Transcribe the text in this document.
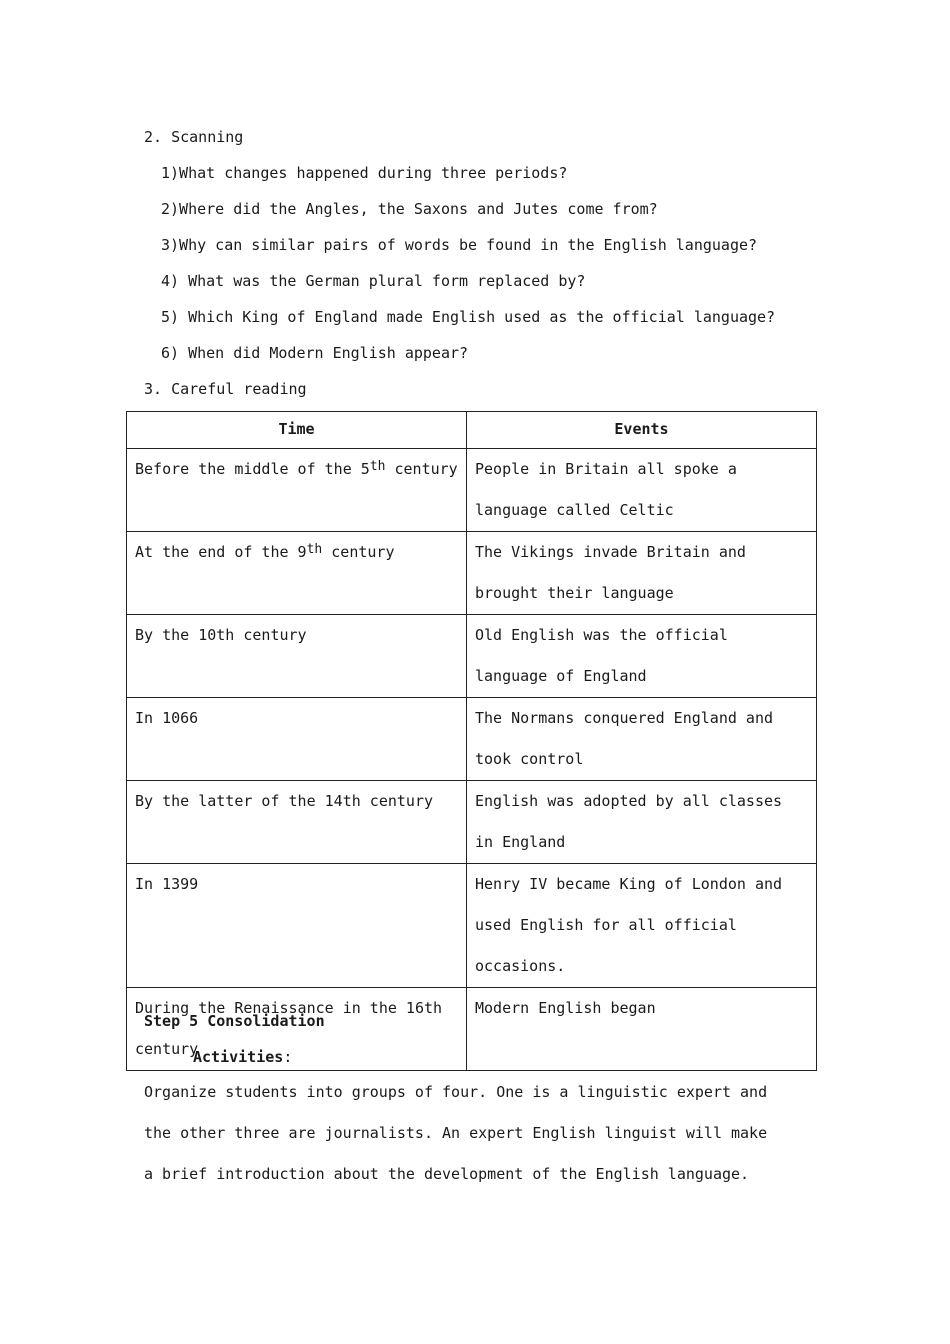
2. Scanning
1)What changes happened during three periods?
2)Where did the Angles, the Saxons and Jutes come from?
3)Why can similar pairs of words be found in the English language?
4) What was the German plural form replaced by?
5) Which King of England made English used as the official language?
6) When did Modern English appear?
3. Careful reading
Time	Events
Before the middle of the 5th century	People in Britain all spoke a language called Celtic
At the end of the 9th century	The Vikings invade Britain and brought their language
By the 10th century	Old English was the official language of England
In 1066	The Normans conquered England and took control
By the latter of the 14th century	English was adopted by all classes in England
In 1399	Henry IV became King of London and used English for all official occasions.
During the Renaissance in the 16th century	Modern English began
Step 5 Consolidation
Activities:
Organize students into groups of four. One is a linguistic expert and the other three are journalists. An expert English linguist will make a brief introduction about the development of the English language.
